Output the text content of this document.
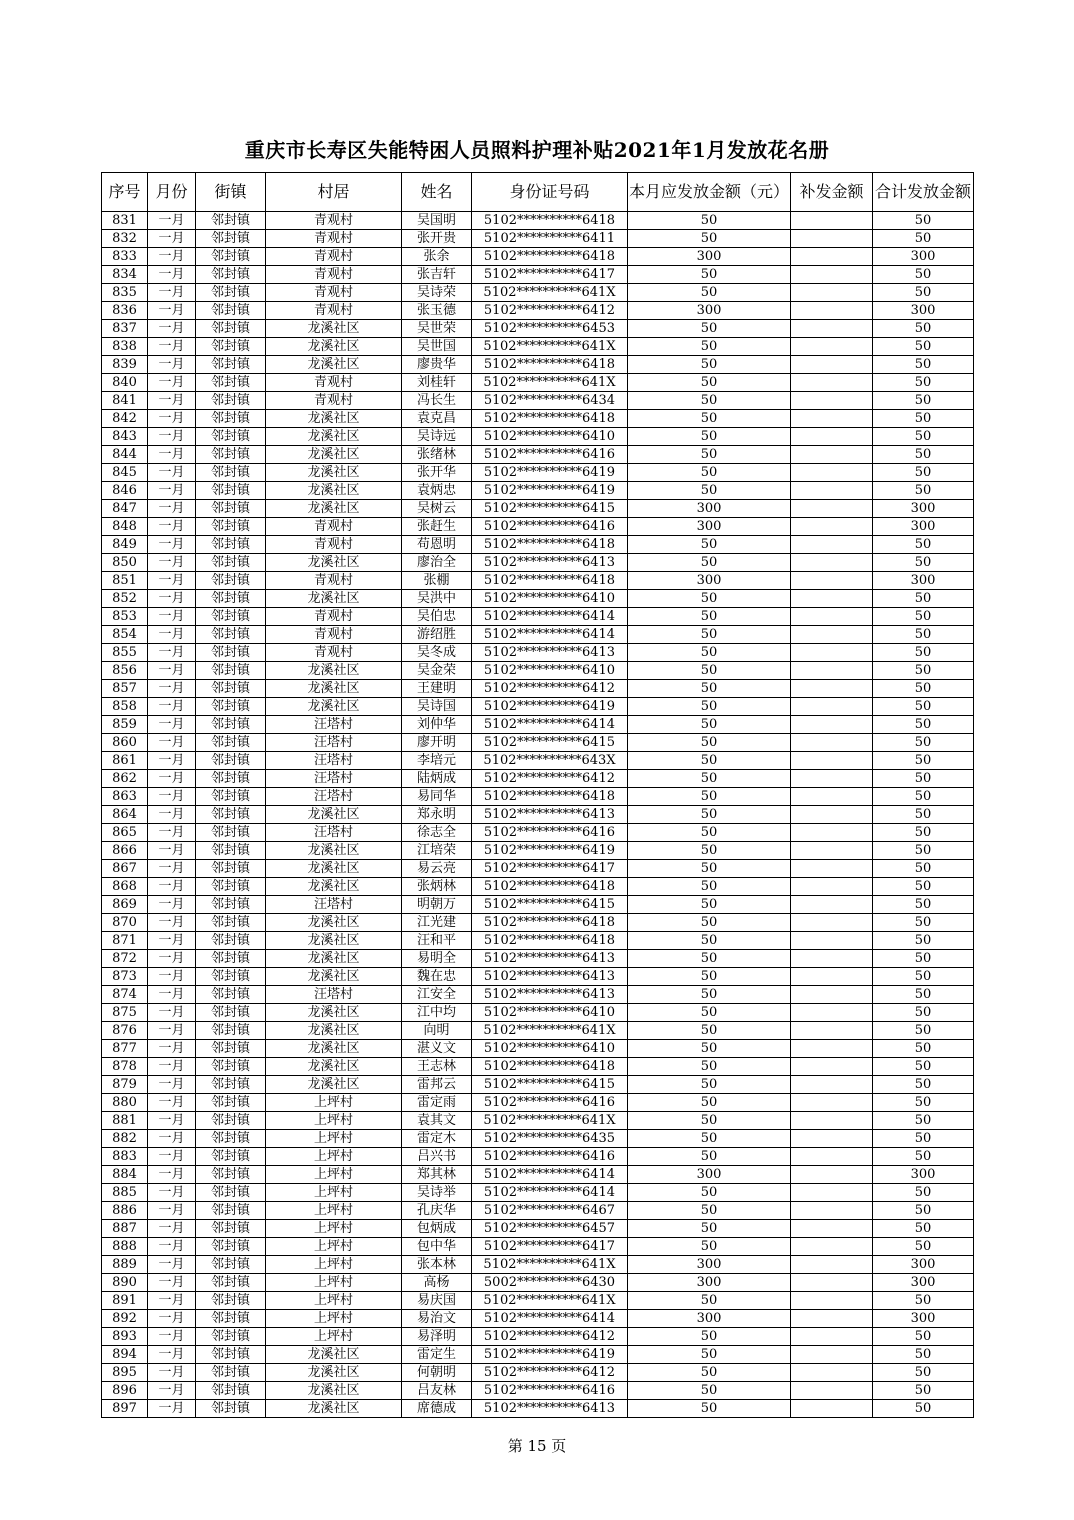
重庆市长寿区失能特困人员照料护理补贴2021年1月发放花名册
序号	月份	街镇	村居	姓名	身份证号码	本月应发放金额（元）	补发金额	合计发放金额
831	一月	邻封镇	青观村	吴国明	5102**********6418	50		50
832	一月	邻封镇	青观村	张开贵	5102**********6411	50		50
833	一月	邻封镇	青观村	张余	5102**********6418	300		300
834	一月	邻封镇	青观村	张吉轩	5102**********6417	50		50
835	一月	邻封镇	青观村	吴诗荣	5102**********641X	50		50
836	一月	邻封镇	青观村	张玉德	5102**********6412	300		300
837	一月	邻封镇	龙溪社区	吴世荣	5102**********6453	50		50
838	一月	邻封镇	龙溪社区	吴世国	5102**********641X	50		50
839	一月	邻封镇	龙溪社区	廖贵华	5102**********6418	50		50
840	一月	邻封镇	青观村	刘桂轩	5102**********641X	50		50
841	一月	邻封镇	青观村	冯长生	5102**********6434	50		50
842	一月	邻封镇	龙溪社区	袁克昌	5102**********6418	50		50
843	一月	邻封镇	龙溪社区	吴诗远	5102**********6410	50		50
844	一月	邻封镇	龙溪社区	张绪林	5102**********6416	50		50
845	一月	邻封镇	龙溪社区	张开华	5102**********6419	50		50
846	一月	邻封镇	龙溪社区	袁炳忠	5102**********6419	50		50
847	一月	邻封镇	龙溪社区	吴树云	5102**********6415	300		300
848	一月	邻封镇	青观村	张赶生	5102**********6416	300		300
849	一月	邻封镇	青观村	苟恩明	5102**********6418	50		50
850	一月	邻封镇	龙溪社区	廖治全	5102**********6413	50		50
851	一月	邻封镇	青观村	张棚	5102**********6418	300		300
852	一月	邻封镇	龙溪社区	吴洪中	5102**********6410	50		50
853	一月	邻封镇	青观村	吴伯忠	5102**********6414	50		50
854	一月	邻封镇	青观村	游绍胜	5102**********6414	50		50
855	一月	邻封镇	青观村	吴冬成	5102**********6413	50		50
856	一月	邻封镇	龙溪社区	吴金荣	5102**********6410	50		50
857	一月	邻封镇	龙溪社区	王建明	5102**********6412	50		50
858	一月	邻封镇	龙溪社区	吴诗国	5102**********6419	50		50
859	一月	邻封镇	汪塔村	刘仲华	5102**********6414	50		50
860	一月	邻封镇	汪塔村	廖开明	5102**********6415	50		50
861	一月	邻封镇	汪塔村	李培元	5102**********643X	50		50
862	一月	邻封镇	汪塔村	陆炳成	5102**********6412	50		50
863	一月	邻封镇	汪塔村	易同华	5102**********6418	50		50
864	一月	邻封镇	龙溪社区	郑永明	5102**********6413	50		50
865	一月	邻封镇	汪塔村	徐志全	5102**********6416	50		50
866	一月	邻封镇	龙溪社区	江培荣	5102**********6419	50		50
867	一月	邻封镇	龙溪社区	易云亮	5102**********6417	50		50
868	一月	邻封镇	龙溪社区	张炳林	5102**********6418	50		50
869	一月	邻封镇	汪塔村	明朝万	5102**********6415	50		50
870	一月	邻封镇	龙溪社区	江光建	5102**********6418	50		50
871	一月	邻封镇	龙溪社区	汪和平	5102**********6418	50		50
872	一月	邻封镇	龙溪社区	易明全	5102**********6413	50		50
873	一月	邻封镇	龙溪社区	魏在忠	5102**********6413	50		50
874	一月	邻封镇	汪塔村	江安全	5102**********6413	50		50
875	一月	邻封镇	龙溪社区	江中均	5102**********6410	50		50
876	一月	邻封镇	龙溪社区	向明	5102**********641X	50		50
877	一月	邻封镇	龙溪社区	湛义文	5102**********6410	50		50
878	一月	邻封镇	龙溪社区	王志林	5102**********6418	50		50
879	一月	邻封镇	龙溪社区	雷邦云	5102**********6415	50		50
880	一月	邻封镇	上坪村	雷定雨	5102**********6416	50		50
881	一月	邻封镇	上坪村	袁其文	5102**********641X	50		50
882	一月	邻封镇	上坪村	雷定木	5102**********6435	50		50
883	一月	邻封镇	上坪村	吕兴书	5102**********6416	50		50
884	一月	邻封镇	上坪村	郑其林	5102**********6414	300		300
885	一月	邻封镇	上坪村	吴诗举	5102**********6414	50		50
886	一月	邻封镇	上坪村	孔庆华	5102**********6467	50		50
887	一月	邻封镇	上坪村	包炳成	5102**********6457	50		50
888	一月	邻封镇	上坪村	包中华	5102**********6417	50		50
889	一月	邻封镇	上坪村	张本林	5102**********641X	300		300
890	一月	邻封镇	上坪村	高杨	5002**********6430	300		300
891	一月	邻封镇	上坪村	易庆国	5102**********641X	50		50
892	一月	邻封镇	上坪村	易治文	5102**********6414	300		300
893	一月	邻封镇	上坪村	易泽明	5102**********6412	50		50
894	一月	邻封镇	龙溪社区	雷定生	5102**********6419	50		50
895	一月	邻封镇	龙溪社区	何朝明	5102**********6412	50		50
896	一月	邻封镇	龙溪社区	吕友林	5102**********6416	50		50
897	一月	邻封镇	龙溪社区	席德成	5102**********6413	50		50
第 15 页
